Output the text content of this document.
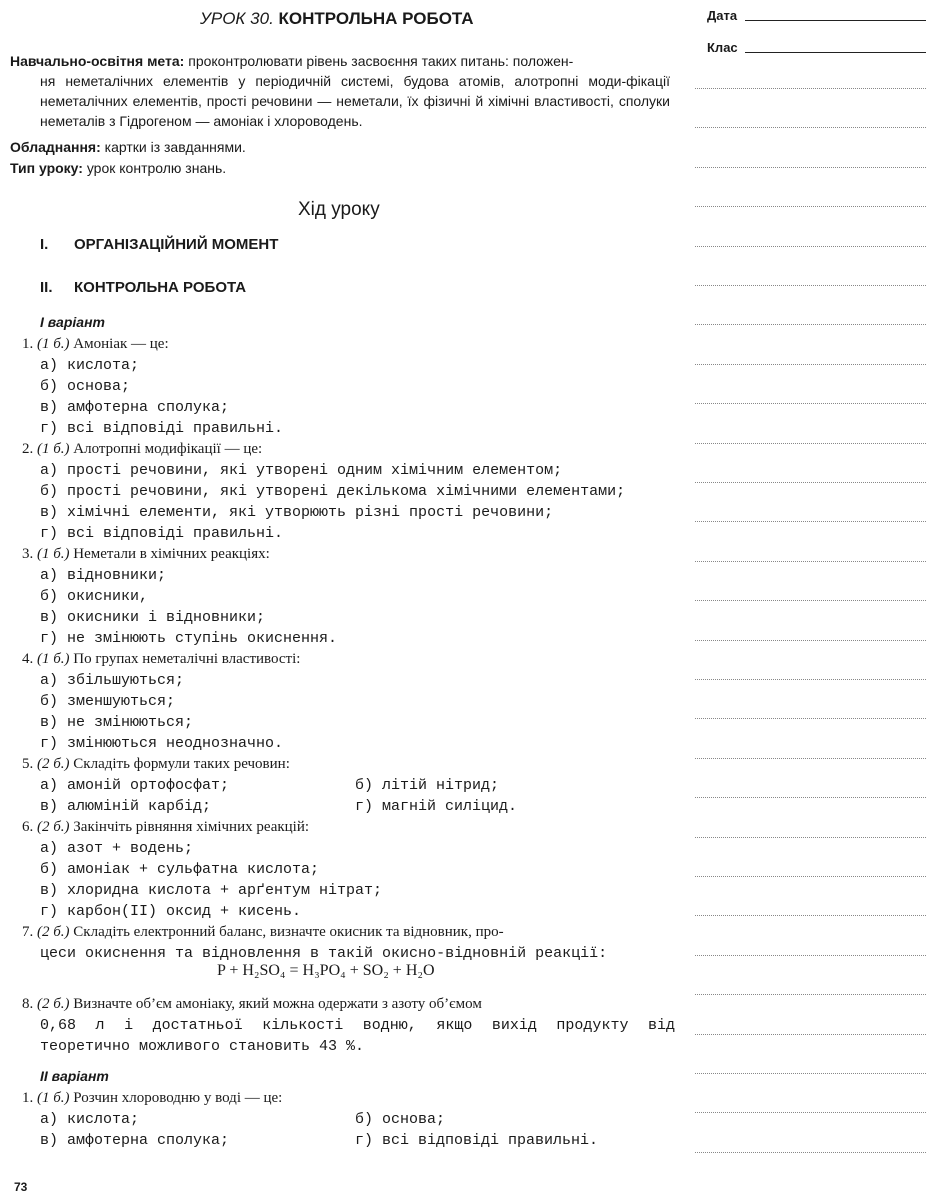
Дата
Клас
УРОК 30. КОНТРОЛЬНА РОБОТА
Навчально-освітня мета: проконтролювати рівень засвоєння таких питань: положен-
ня неметалічних елементів у періодичній системі, будова атомів, алотропні моди-фікації неметалічних елементів, прості речовини — неметали, їх фізичні й хімічні властивості, сполуки неметалів з Гідрогеном — амоніак і хлороводень.
Обладнання: картки із завданнями.
Тип уроку: урок контролю знань.
Хід уроку
I. ОРГАНІЗАЦІЙНИЙ МОМЕНТ
II. КОНТРОЛЬНА РОБОТА
I варіант
1. (1 б.) Амоніак — це:
а) кислота;
б) основа;
в) амфотерна сполука;
г) всі відповіді правильні.
2. (1 б.) Алотропні модифікації — це:
а) прості речовини, які утворені одним хімічним елементом;
б) прості речовини, які утворені декількома хімічними елементами;
в) хімічні елементи, які утворюють різні прості речовини;
г) всі відповіді правильні.
3. (1 б.) Неметали в хімічних реакціях:
а) відновники;
б) окисники,
в) окисники і відновники;
г) не змінюють ступінь окиснення.
4. (1 б.) По групах неметалічні властивості:
а) збільшуються;
б) зменшуються;
в) не змінюються;
г) змінюються неоднозначно.
5. (2 б.) Складіть формули таких речовин:
а) амоній ортофосфат;	б) літій нітрид;
в) алюміній карбід;	г) магній силіцид.
6. (2 б.) Закінчіть рівняння хімічних реакцій:
а) азот + водень;
б) амоніак + сульфатна кислота;
в) хлоридна кислота + арґентум нітрат;
г) карбон(II) оксид + кисень.
7. (2 б.) Складіть електронний баланс, визначте окисник та відновник, про-
цеси окиснення та відновлення в такій окисно-відновній реакції:
P + H₂SO₄ = H₃PO₄ + SO₂ + H₂O
8. (2 б.) Визначте об’єм амоніаку, який можна одержати з азоту об’ємом
0,68 л і достатньої кількості водню, якщо вихід продукту від теоретично можливого становить 43 %.
II варіант
1. (1 б.) Розчин хлороводню у воді — це:
а) кислота;	б) основа;
в) амфотерна сполука;	г) всі відповіді правильні.
73
